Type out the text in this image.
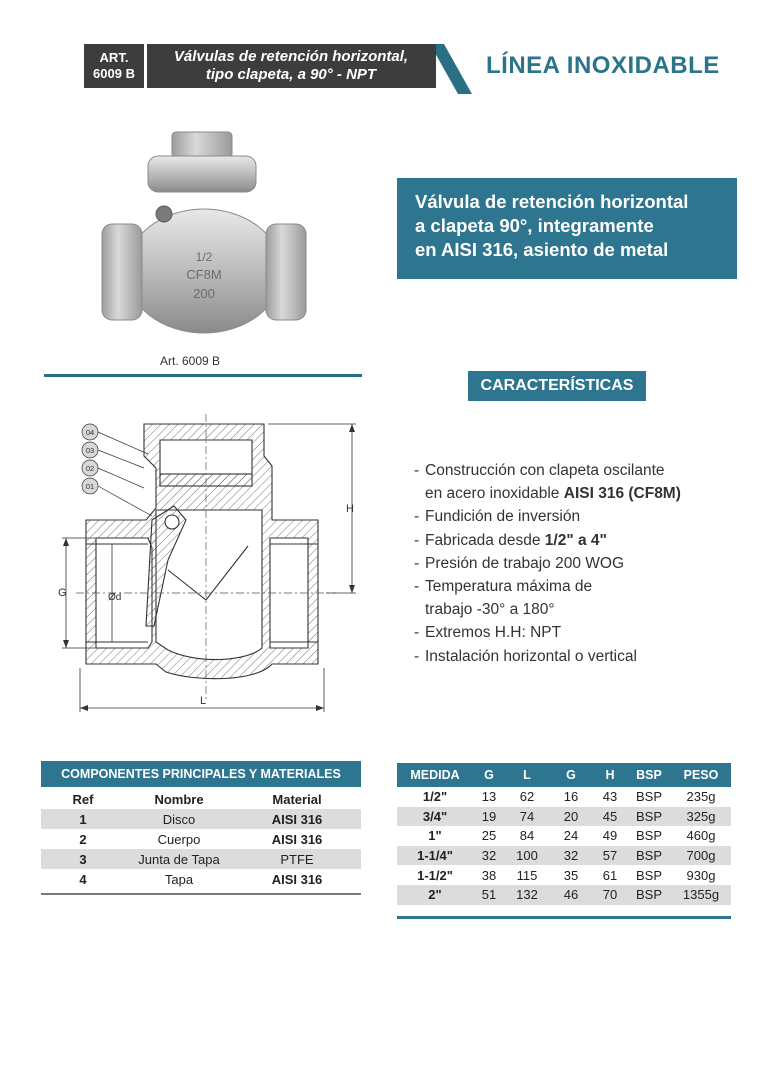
ART.
6009 B
Válvulas de retención horizontal,
tipo clapeta, a 90° - NPT	LÍNEA INOXIDABLE
1/2
CF8M
200
Art. 6009 B
Válvula de retención horizontal
a clapeta 90°, integramente
en AISI 316, asiento de metal
CARACTERÍSTICAS
- Construcción con clapeta oscilante
en acero inoxidable AISI 316 (CF8M)
- Fundición de inversión
- Fabricada desde 1/2" a 4"
- Presión de trabajo 200 WOG
- Temperatura máxima de
trabajo -30° a 180°
- Extremos H.H: NPT
- Instalación horizontal o vertical
H
G	Ød
L
04
03
02
01
COMPONENTES PRINCIPALES Y MATERIALES
Ref	Nombre	Material
1	Disco	AISI 316
2	Cuerpo	AISI 316
3	Junta de Tapa	PTFE
4	Tapa	AISI 316
MEDIDA	G	L	G	H	BSP	PESO
1/2"	13	62	16	43	BSP	235g
3/4"	19	74	20	45	BSP	325g
1"	25	84	24	49	BSP	460g
1-1/4"	32	100	32	57	BSP	700g
1-1/2"	38	115	35	61	BSP	930g
2"	51	132	46	70	BSP	1355g
